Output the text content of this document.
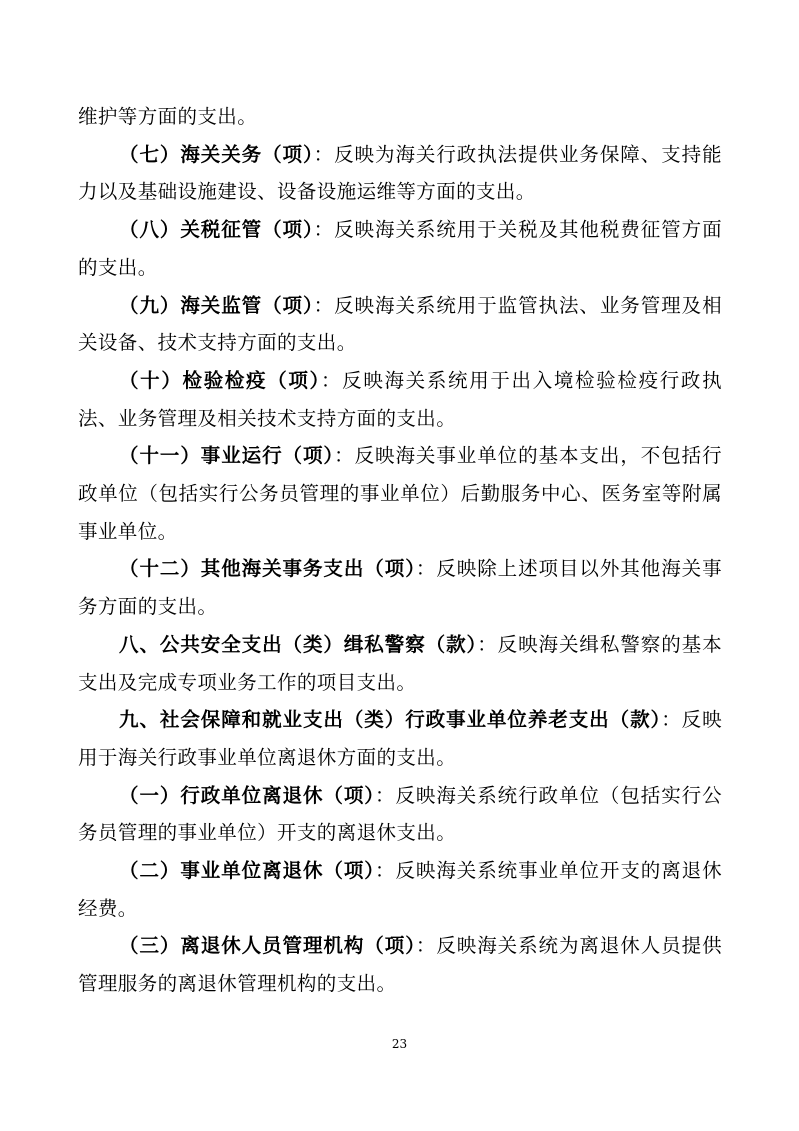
维护等方面的支出。

（七）海关关务（项）：反映为海关行政执法提供业务保障、支持能力以及基础设施建设、设备设施运维等方面的支出。

（八）关税征管（项）：反映海关系统用于关税及其他税费征管方面的支出。

（九）海关监管（项）：反映海关系统用于监管执法、业务管理及相关设备、技术支持方面的支出。

（十）检验检疫（项）：反映海关系统用于出入境检验检疫行政执法、业务管理及相关技术支持方面的支出。

（十一）事业运行（项）：反映海关事业单位的基本支出，不包括行政单位（包括实行公务员管理的事业单位）后勤服务中心、医务室等附属事业单位。

（十二）其他海关事务支出（项）：反映除上述项目以外其他海关事务方面的支出。

八、公共安全支出（类）缉私警察（款）：反映海关缉私警察的基本支出及完成专项业务工作的项目支出。

九、社会保障和就业支出（类）行政事业单位养老支出（款）：反映用于海关行政事业单位离退休方面的支出。

（一）行政单位离退休（项）：反映海关系统行政单位（包括实行公务员管理的事业单位）开支的离退休支出。

（二）事业单位离退休（项）：反映海关系统事业单位开支的离退休经费。

（三）离退休人员管理机构（项）：反映海关系统为离退休人员提供管理服务的离退休管理机构的支出。

23
